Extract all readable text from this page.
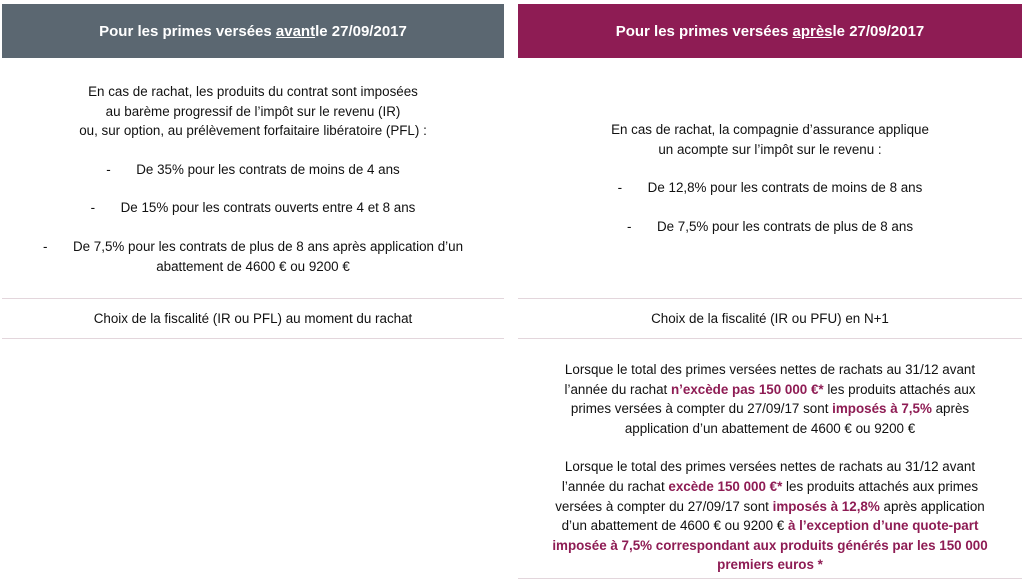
Pour les primes versées
avant le 27/09/2017
En cas de rachat, les produits du contrat sont imposées
au barème progressif de l’impôt sur le revenu (IR)
ou, sur option, au prélèvement forfaitaire libératoire (PFL) :
- De 35% pour les contrats de moins de 4 ans
- De 15% pour les contrats ouverts entre 4 et 8 ans
- De 7,5% pour les contrats de plus de 8 ans après application d’un
abattement de 4600 € ou 9200 €
Choix de la fiscalité (IR ou PFL) au moment du rachat
Pour les primes versées
après le 27/09/2017
En cas de rachat, la compagnie d’assurance applique
un acompte sur l’impôt sur le revenu :
- De 12,8% pour les contrats de moins de 8 ans
- De 7,5% pour les contrats de plus de 8 ans
Choix de la fiscalité (IR ou PFU) en N+1
Lorsque le total des primes versées nettes de rachats au 31/12 avant
l’année du rachat n’excède pas 150 000 €* les produits attachés aux
primes versées à compter du 27/09/17 sont imposés à 7,5% après
application d’un abattement de 4600 € ou 9200 €
Lorsque le total des primes versées nettes de rachats au 31/12 avant
l’année du rachat excède 150 000 €* les produits attachés aux primes
versées à compter du 27/09/17 sont imposés à 12,8% après application
d’un abattement de 4600 € ou 9200 € à l’exception d’une quote-part
imposée à 7,5% correspondant aux produits générés par les 150 000
premiers euros *
